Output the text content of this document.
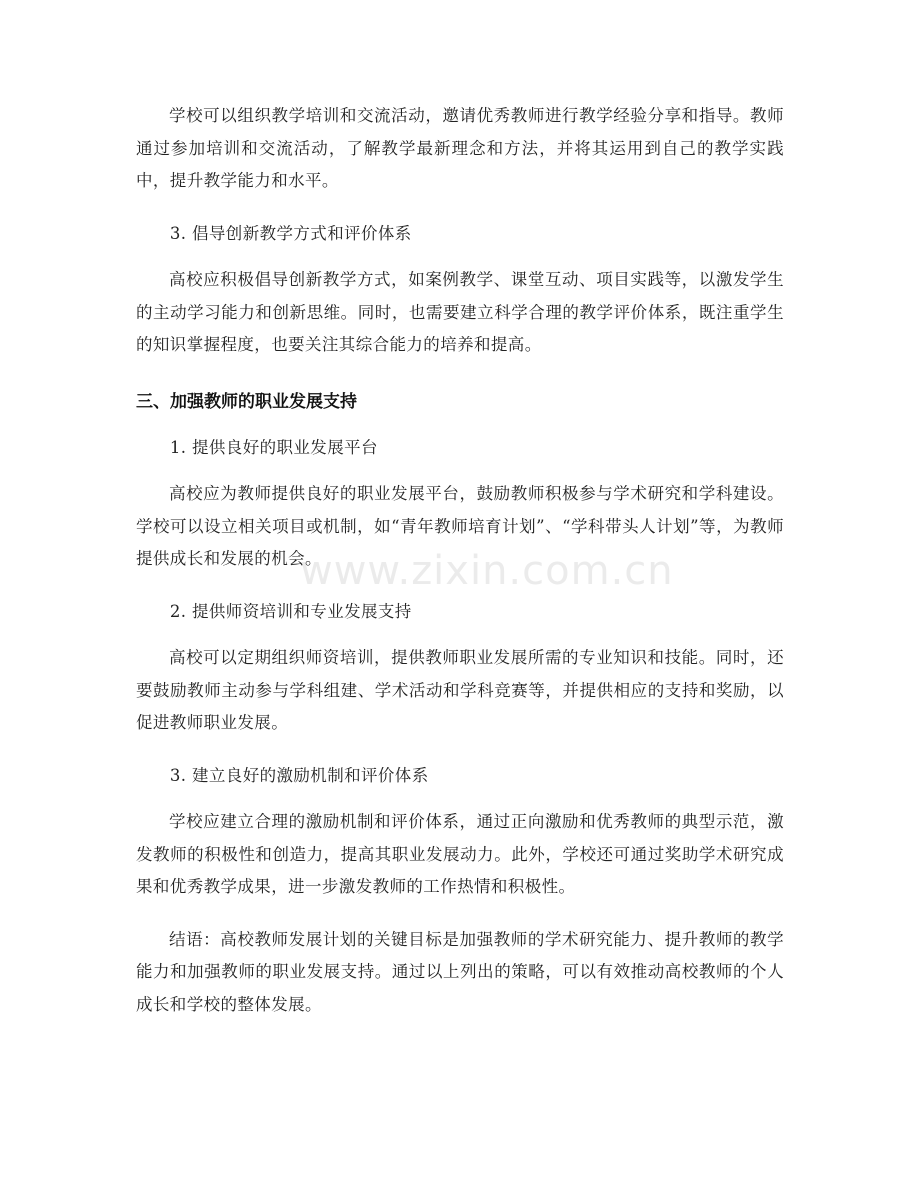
www.zixin.com.cn

学校可以组织教学培训和交流活动，邀请优秀教师进行教学经验分享和指导。教师通过参加培训和交流活动，了解教学最新理念和方法，并将其运用到自己的教学实践中，提升教学能力和水平。

3. 倡导创新教学方式和评价体系

高校应积极倡导创新教学方式，如案例教学、课堂互动、项目实践等，以激发学生的主动学习能力和创新思维。同时，也需要建立科学合理的教学评价体系，既注重学生的知识掌握程度，也要关注其综合能力的培养和提高。

三、加强教师的职业发展支持

1. 提供良好的职业发展平台

高校应为教师提供良好的职业发展平台，鼓励教师积极参与学术研究和学科建设。学校可以设立相关项目或机制，如“青年教师培育计划”、“学科带头人计划”等，为教师提供成长和发展的机会。

2. 提供师资培训和专业发展支持

高校可以定期组织师资培训，提供教师职业发展所需的专业知识和技能。同时，还要鼓励教师主动参与学科组建、学术活动和学科竞赛等，并提供相应的支持和奖励，以促进教师职业发展。

3. 建立良好的激励机制和评价体系

学校应建立合理的激励机制和评价体系，通过正向激励和优秀教师的典型示范，激发教师的积极性和创造力，提高其职业发展动力。此外，学校还可通过奖助学术研究成果和优秀教学成果，进一步激发教师的工作热情和积极性。

结语：高校教师发展计划的关键目标是加强教师的学术研究能力、提升教师的教学能力和加强教师的职业发展支持。通过以上列出的策略，可以有效推动高校教师的个人成长和学校的整体发展。
